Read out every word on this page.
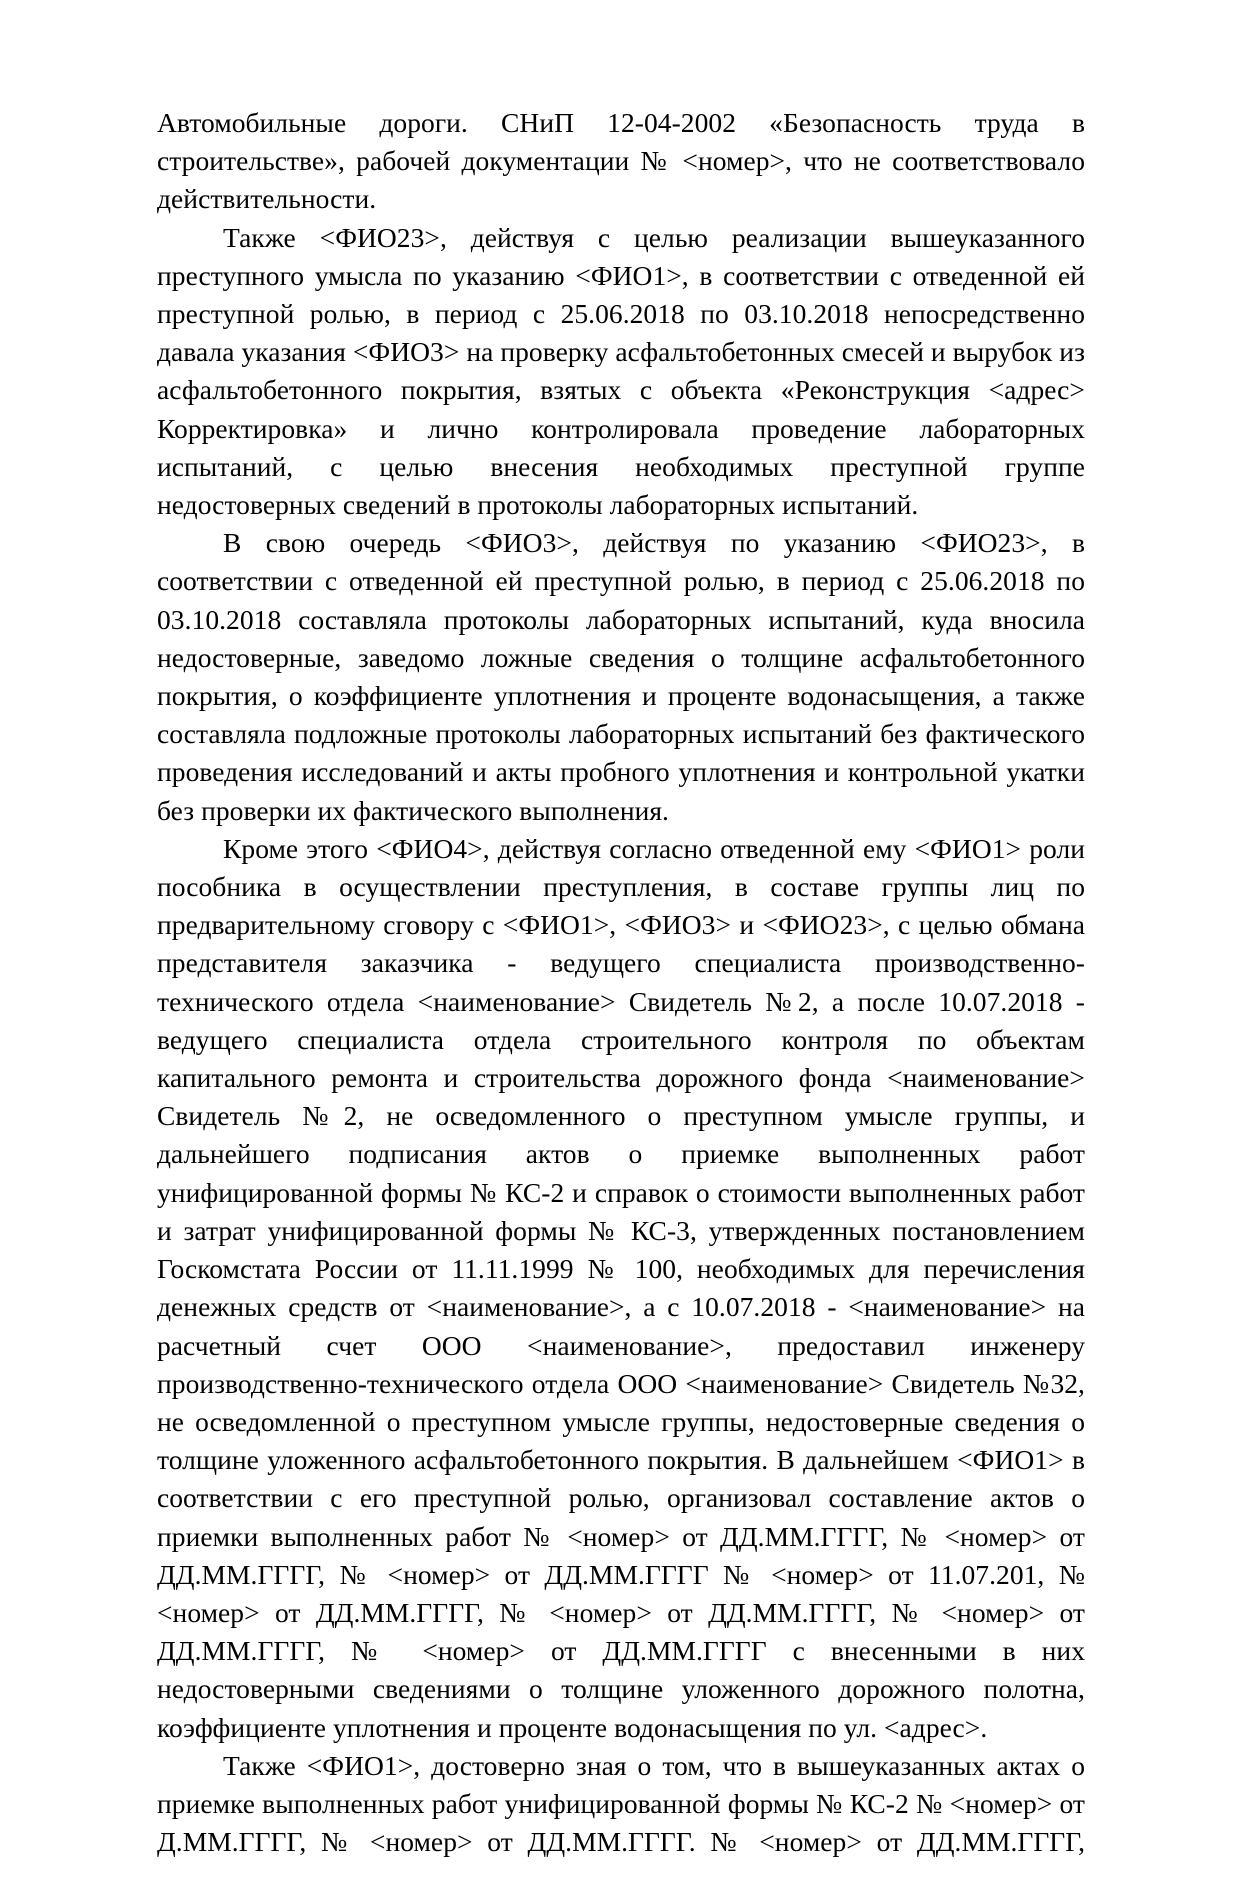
Автомобильные дороги. СНиП 12-04-2002 «Безопасность труда в строительстве», рабочей документации № <номер>, что не соответствовало действительности.

Также <ФИО23>, действуя с целью реализации вышеуказанного преступного умысла по указанию <ФИО1>, в соответствии с отведенной ей преступной ролью, в период с 25.06.2018 по 03.10.2018 непосредственно давала указания <ФИО3> на проверку асфальтобетонных смесей и вырубок из асфальтобетонного покрытия, взятых с объекта «Реконструкция <адрес> Корректировка» и лично контролировала проведение лабораторных испытаний, с целью внесения необходимых преступной группе недостоверных сведений в протоколы лабораторных испытаний.

В свою очередь <ФИО3>, действуя по указанию <ФИО23>, в соответствии с отведенной ей преступной ролью, в период с 25.06.2018 по 03.10.2018 составляла протоколы лабораторных испытаний, куда вносила недостоверные, заведомо ложные сведения о толщине асфальтобетонного покрытия, о коэффициенте уплотнения и проценте водонасыщения, а также составляла подложные протоколы лабораторных испытаний без фактического проведения исследований и акты пробного уплотнения и контрольной укатки без проверки их фактического выполнения.

Кроме этого <ФИО4>, действуя согласно отведенной ему <ФИО1> роли пособника в осуществлении преступления, в составе группы лиц по предварительному сговору с <ФИО1>, <ФИО3> и <ФИО23>, с целью обмана представителя заказчика - ведущего специалиста производственно-технического отдела <наименование> Свидетель №2, а после 10.07.2018 - ведущего специалиста отдела строительного контроля по объектам капитального ремонта и строительства дорожного фонда <наименование> Свидетель №2, не осведомленного о преступном умысле группы, и дальнейшего подписания актов о приемке выполненных работ унифицированной формы № КС-2 и справок о стоимости выполненных работ и затрат унифицированной формы № КС-3, утвержденных постановлением Госкомстата России от 11.11.1999 № 100, необходимых для перечисления денежных средств от <наименование>, а с 10.07.2018 - <наименование> на расчетный счет ООО <наименование>, предоставил инженеру производственно-технического отдела ООО <наименование> Свидетель №32, не осведомленной о преступном умысле группы, недостоверные сведения о толщине уложенного асфальтобетонного покрытия. В дальнейшем <ФИО1> в соответствии с его преступной ролью, организовал составление актов о приемки выполненных работ № <номер> от ДД.ММ.ГГГГ, № <номер> от ДД.ММ.ГГГГ, № <номер> от ДД.ММ.ГГГГ № <номер> от 11.07.201, № <номер> от ДД.ММ.ГГГГ, № <номер> от ДД.ММ.ГГГГ, № <номер> от ДД.ММ.ГГГГ, № <номер> от ДД.ММ.ГГГГ с внесенными в них недостоверными сведениями о толщине уложенного дорожного полотна, коэффициенте уплотнения и проценте водонасыщения по ул. <адрес>.

Также <ФИО1>, достоверно зная о том, что в вышеуказанных актах о приемке выполненных работ унифицированной формы № КС-2 № <номер> от Д.ММ.ГГГГ, № <номер> от ДД.ММ.ГГГГ. № <номер> от ДД.ММ.ГГГГ,
